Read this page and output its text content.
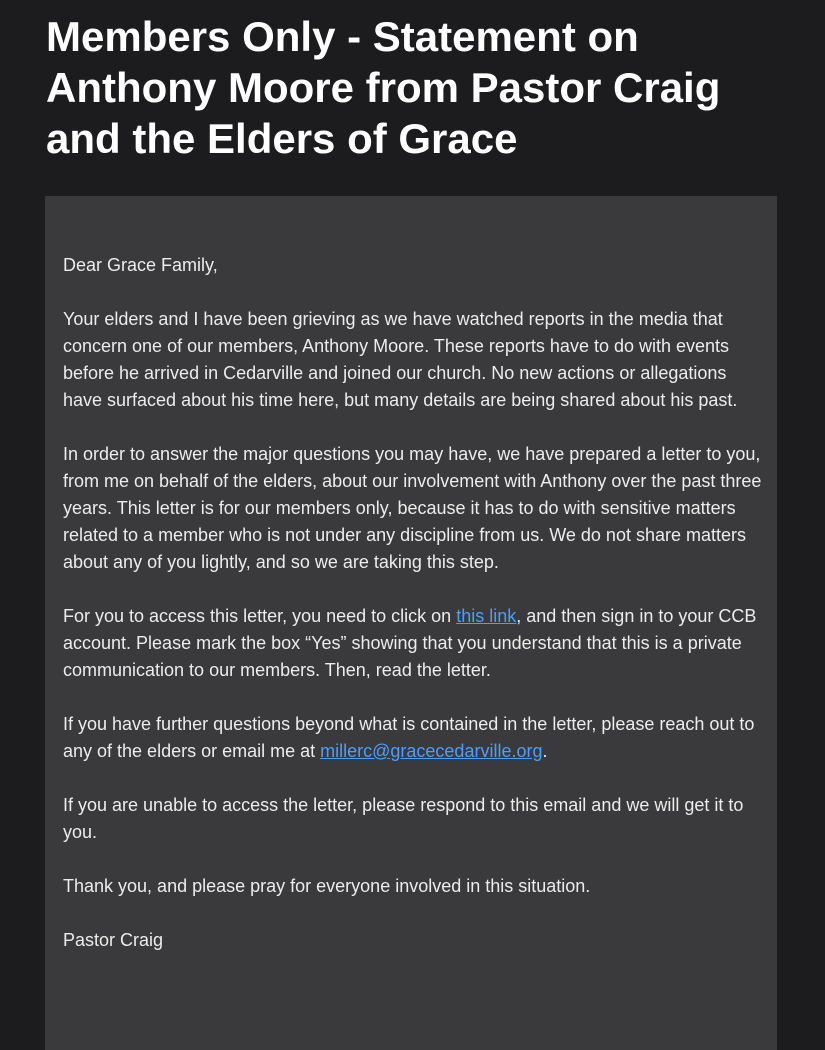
Members Only - Statement on Anthony Moore from Pastor Craig and the Elders of Grace

Dear Grace Family,

Your elders and I have been grieving as we have watched reports in the media that concern one of our members, Anthony Moore. These reports have to do with events before he arrived in Cedarville and joined our church. No new actions or allegations have surfaced about his time here, but many details are being shared about his past.

In order to answer the major questions you may have, we have prepared a letter to you, from me on behalf of the elders, about our involvement with Anthony over the past three years. This letter is for our members only, because it has to do with sensitive matters related to a member who is not under any discipline from us. We do not share matters about any of you lightly, and so we are taking this step.

For you to access this letter, you need to click on this link, and then sign in to your CCB account. Please mark the box “Yes” showing that you understand that this is a private communication to our members. Then, read the letter.

If you have further questions beyond what is contained in the letter, please reach out to any of the elders or email me at millerc@gracecedarville.org.

If you are unable to access the letter, please respond to this email and we will get it to you.

Thank you, and please pray for everyone involved in this situation.

Pastor Craig
